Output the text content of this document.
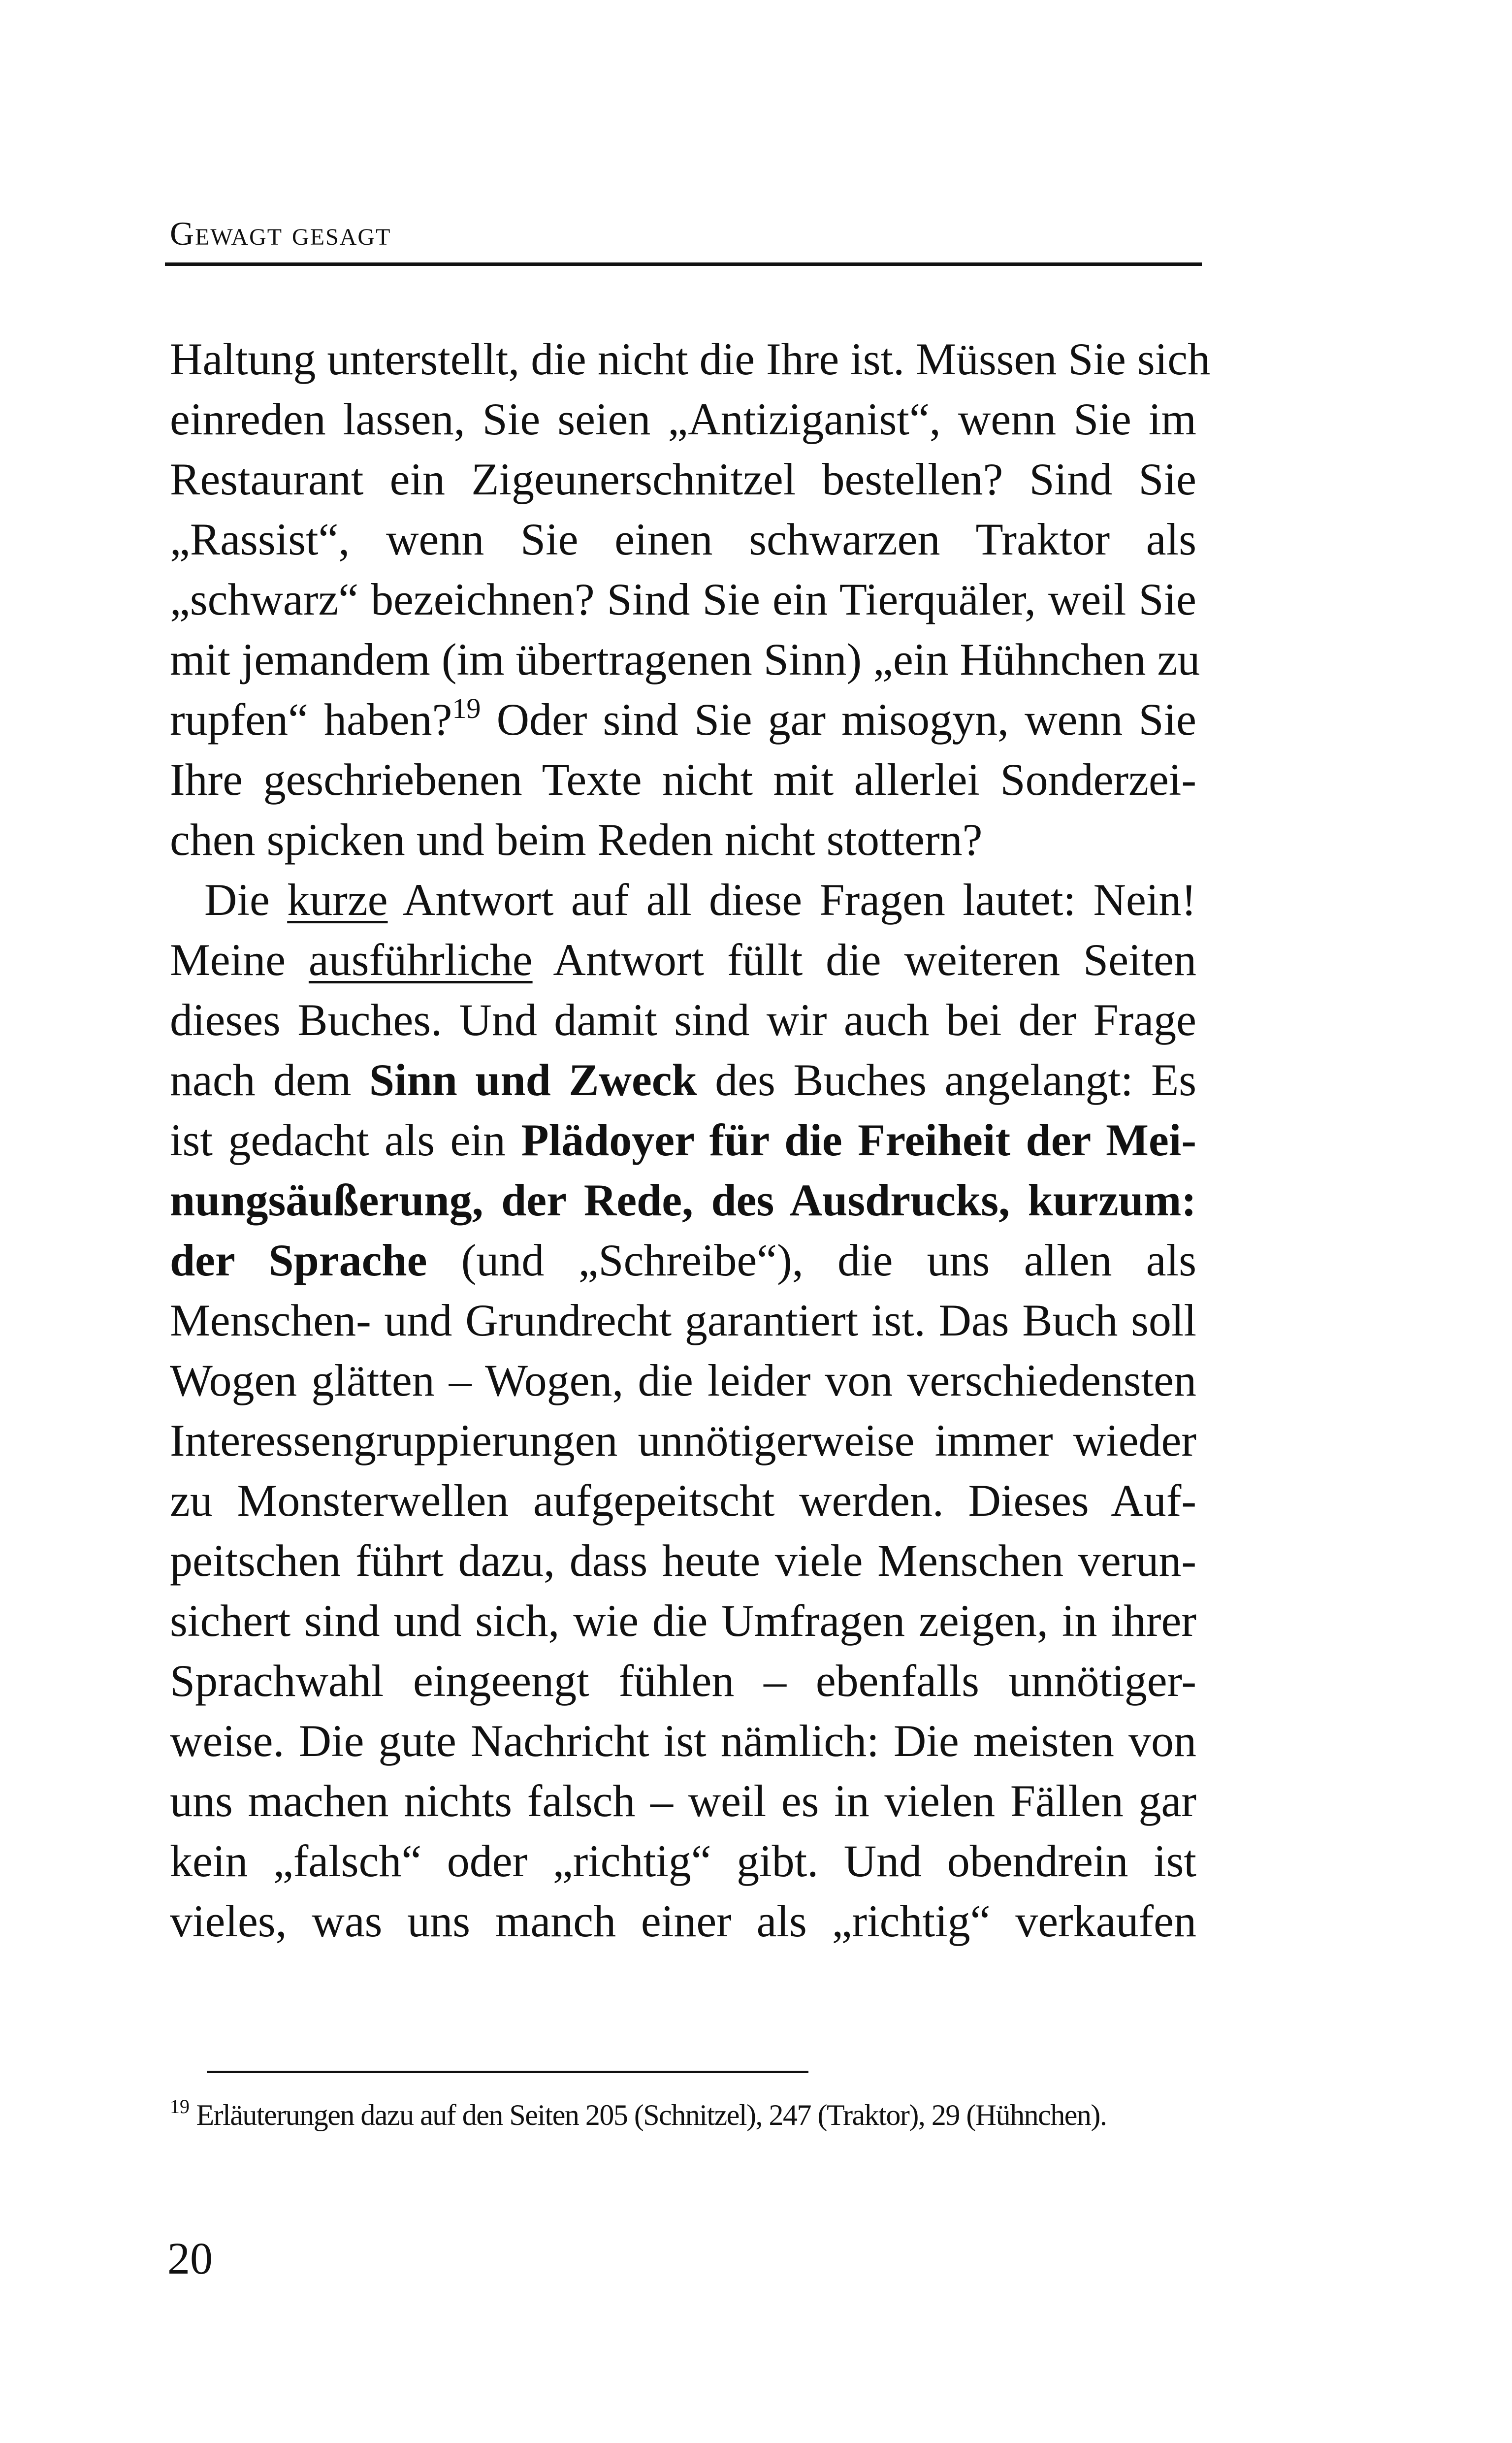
Gewagt gesagt
Haltung unterstellt, die nicht die Ihre ist. Müssen Sie sich
einreden lassen, Sie seien „Antiziganist“, wenn Sie im
Restaurant ein Zigeunerschnitzel bestellen? Sind Sie
„Rassist“, wenn Sie einen schwarzen Traktor als
„schwarz“ bezeichnen? Sind Sie ein Tierquäler, weil Sie
mit jemandem (im übertragenen Sinn) „ein Hühnchen zu
rupfen“ haben?$^{19}$ Oder sind Sie gar misogyn, wenn Sie
Ihre geschriebenen Texte nicht mit allerlei Sonderzei-
chen spicken und beim Reden nicht stottern?
Die kurze Antwort auf all diese Fragen lautet: Nein!
Meine ausführliche Antwort füllt die weiteren Seiten
dieses Buches. Und damit sind wir auch bei der Frage
nach dem Sinn und Zweck des Buches angelangt: Es
ist gedacht als ein Plädoyer für die Freiheit der Mei-
nungsäußerung, der Rede, des Ausdrucks, kurzum:
der Sprache (und „Schreibe“), die uns allen als
Menschen- und Grundrecht garantiert ist. Das Buch soll
Wogen glätten – Wogen, die leider von verschiedensten
Interessengruppierungen unnötigerweise immer wieder
zu Monsterwellen aufgepeitscht werden. Dieses Auf-
peitschen führt dazu, dass heute viele Menschen verun-
sichert sind und sich, wie die Umfragen zeigen, in ihrer
Sprachwahl eingeengt fühlen – ebenfalls unnötiger-
weise. Die gute Nachricht ist nämlich: Die meisten von
uns machen nichts falsch – weil es in vielen Fällen gar
kein „falsch“ oder „richtig“ gibt. Und obendrein ist
vieles, was uns manch einer als „richtig“ verkaufen
$^{19}$ Erläuterungen dazu auf den Seiten 205 (Schnitzel), 247 (Traktor), 29 (Hühnchen).
20
